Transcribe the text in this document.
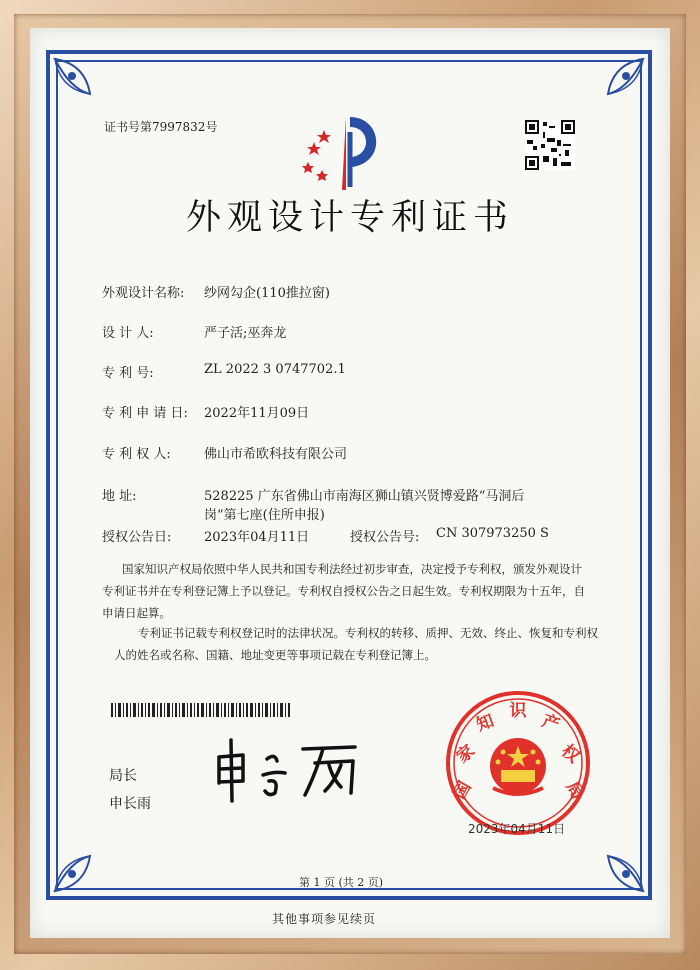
证书号第7997832号
外观设计专利证书
外观设计名称: 纱网勾企(110推拉窗)
设 计 人:	严子活;巫奔龙
专 利 号:	ZL 2022 3 0747702.1
专 利 申 请 日: 2022年11月09日
专 利 权 人:	佛山市希欧科技有限公司
地 址:	528225 广东省佛山市南海区狮山镇兴贤博爱路“马洞后
岗”第七座(住所申报)
授权公告日:	2023年04月11日	授权公告号: CN 307973250 S
国家知识产权局依照中华人民共和国专利法经过初步审查，决定授予专利权，颁发外观设计
专利证书并在专利登记簿上予以登记。专利权自授权公告之日起生效。专利权期限为十五年，自
申请日起算。
专利证书记载专利权登记时的法律状况。专利权的转移、质押、无效、终止、恢复和专利权
人的姓名或名称、国籍、地址变更等事项记载在专利登记簿上。
局长
申长雨
国
家
知 识 产
权
局
2023年04月11日
第 1 页 (共 2 页)
其他事项参见续页
